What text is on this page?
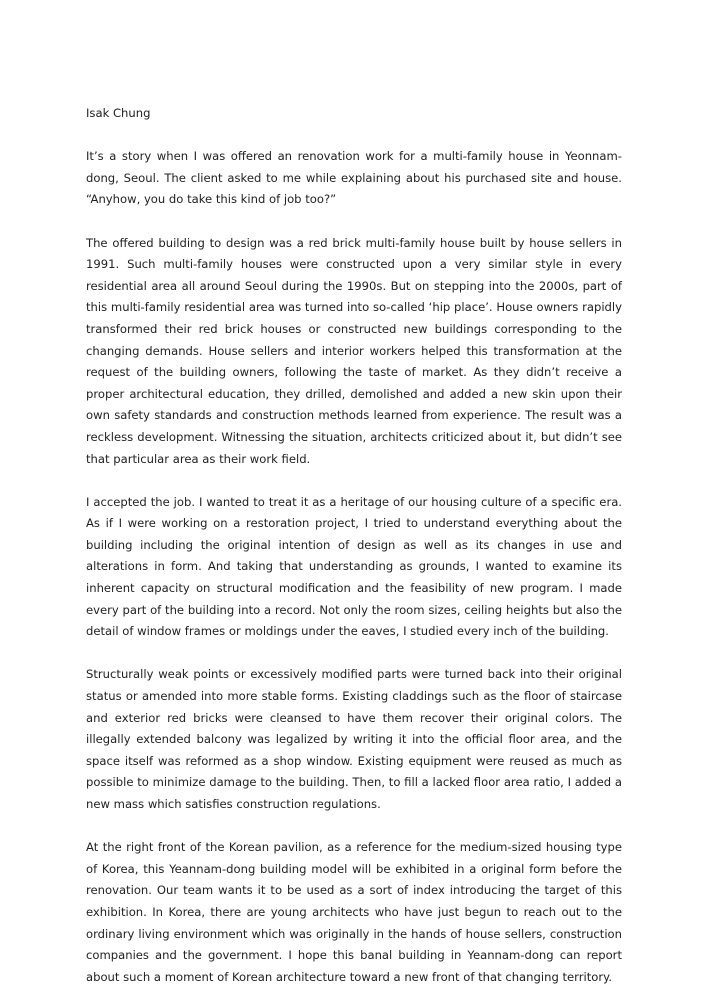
Isak Chung

It’s a story when I was offered an renovation work for a multi-family house in Yeonnam-dong, Seoul. The client asked to me while explaining about his purchased site and house. “Anyhow, you do take this kind of job too?”

The offered building to design was a red brick multi-family house built by house sellers in 1991. Such multi-family houses were constructed upon a very similar style in every residential area all around Seoul during the 1990s. But on stepping into the 2000s, part of this multi-family residential area was turned into so-called ‘hip place’. House owners rapidly transformed their red brick houses or constructed new buildings corresponding to the changing demands. House sellers and interior workers helped this transformation at the request of the building owners, following the taste of market. As they didn’t receive a proper architectural education, they drilled, demolished and added a new skin upon their own safety standards and construction methods learned from experience. The result was a reckless development. Witnessing the situation, architects criticized about it, but didn’t see that particular area as their work field.

I accepted the job. I wanted to treat it as a heritage of our housing culture of a specific era. As if I were working on a restoration project, I tried to understand everything about the building including the original intention of design as well as its changes in use and alterations in form. And taking that understanding as grounds, I wanted to examine its inherent capacity on structural modification and the feasibility of new program. I made every part of the building into a record. Not only the room sizes, ceiling heights but also the detail of window frames or moldings under the eaves, I studied every inch of the building.

Structurally weak points or excessively modified parts were turned back into their original status or amended into more stable forms. Existing claddings such as the floor of staircase and exterior red bricks were cleansed to have them recover their original colors. The illegally extended balcony was legalized by writing it into the official floor area, and the space itself was reformed as a shop window. Existing equipment were reused as much as possible to minimize damage to the building. Then, to fill a lacked floor area ratio, I added a new mass which satisfies construction regulations.

At the right front of the Korean pavilion, as a reference for the medium-sized housing type of Korea, this Yeannam-dong building model will be exhibited in a original form before the renovation. Our team wants it to be used as a sort of index introducing the target of this exhibition. In Korea, there are young architects who have just begun to reach out to the ordinary living environment which was originally in the hands of house sellers, construction companies and the government. I hope this banal building in Yeannam-dong can report about such a moment of Korean architecture toward a new front of that changing territory.
